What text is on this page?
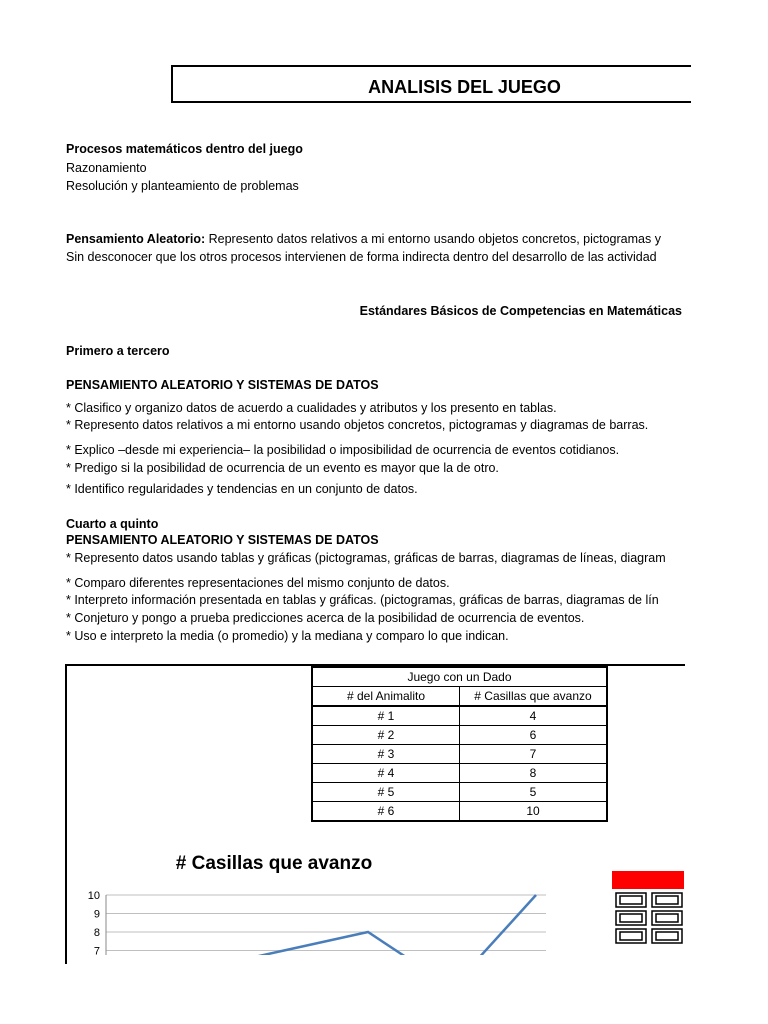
ANALISIS DEL JUEGO
Procesos matemáticos dentro del juego
Razonamiento
Resolución y planteamiento de problemas
Pensamiento Aleatorio: Represento datos relativos a mi entorno usando objetos concretos, pictogramas y
Sin desconocer que los otros procesos intervienen de forma indirecta dentro del desarrollo de las actividad
Estándares Básicos de Competencias en Matemáticas
Primero a tercero
PENSAMIENTO ALEATORIO Y SISTEMAS DE DATOS
* Clasifico y organizo datos de acuerdo a cualidades y atributos y los presento en tablas.
* Represento datos relativos a mi entorno usando objetos concretos, pictogramas y diagramas de barras.
* Explico –desde mi experiencia– la posibilidad o imposibilidad de ocurrencia de eventos cotidianos.
* Predigo si la posibilidad de ocurrencia de un evento es mayor que la de otro.
* Identifico regularidades y tendencias en un conjunto de datos.
Cuarto a quinto
PENSAMIENTO ALEATORIO Y SISTEMAS DE DATOS
* Represento datos usando tablas y gráficas (pictogramas, gráficas de barras, diagramas de líneas, diagram
* Comparo diferentes representaciones del mismo conjunto de datos.
* Interpreto información presentada en tablas y gráficas. (pictogramas, gráficas de barras, diagramas de lín
* Conjeturo y pongo a prueba predicciones acerca de la posibilidad de ocurrencia de eventos.
* Uso e interpreto la media (o promedio) y la mediana y comparo lo que indican.
Juego con un Dado	
# del Animalito	# Casillas que avanzo
# 1	4
# 2	6
# 3	7
# 4	8
# 5	5
# 6	10
# Casillas que avanzo
10
9
8
7
